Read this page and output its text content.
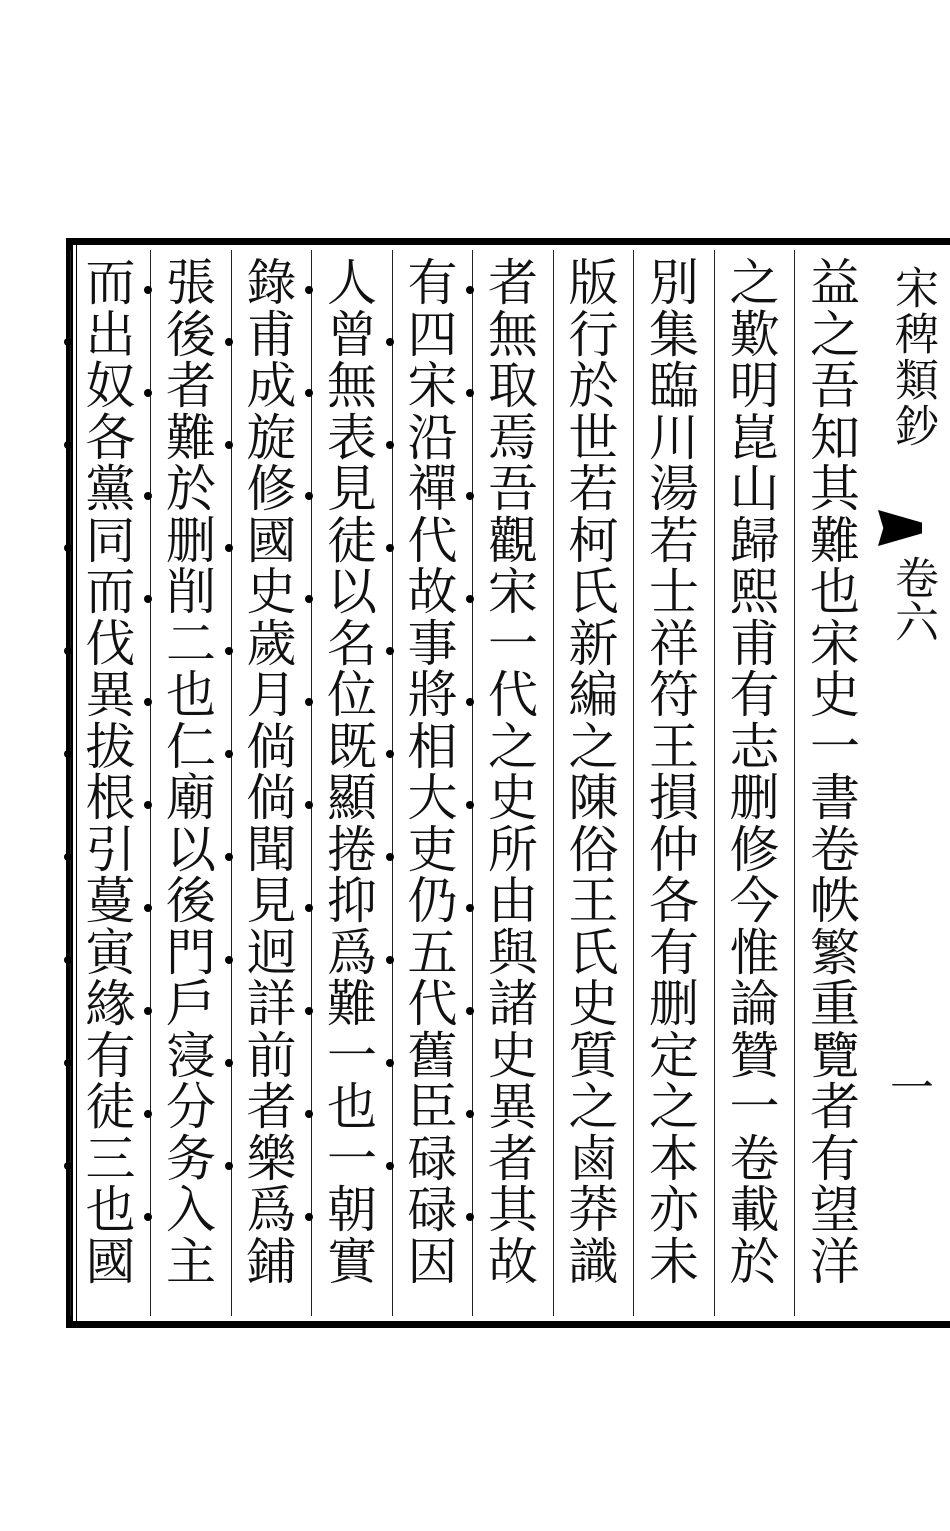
益
之
吾
知
其
難
也
宋
史
一
書
卷
帙
繁
重
覽
者
有
望
洋
之
歎
明
崑
山
歸
熙
甫
有
志
删
修
今
惟
論
贊
一
卷
載
於
別
集
臨
川
湯
若
士
祥
符
王
損
仲
各
有
删
定
之
本
亦
未
版
行
於
世
若
柯
氏
新
編
之
陳
俗
王
氏
史
質
之
鹵
莽
識
者
無
取
焉
吾
觀
宋
一
代
之
史
所
由
與
諸
史
異
者
其
故
有
四
宋
沿
禪
代
故
事
將
相
大
吏
仍
五
代
舊
臣
碌
碌
因
人
曾
無
表
見
徒
以
名
位
既
顯
捲
抑
爲
難
一
也
一
朝
實
錄
甫
成
旋
修
國
史
歲
月
倘
倘
聞
見
迥
詳
前
者
樂
爲
鋪
張
後
者
難
於
删
削
二
也
仁
廟
以
後
門
戶
寖
分
务
入
主
而
出
奴
各
黨
同
而
伐
異
拔
根
引
蔓
寅
緣
有
徒
三
也
國
宋稗類鈔
卷六
一
